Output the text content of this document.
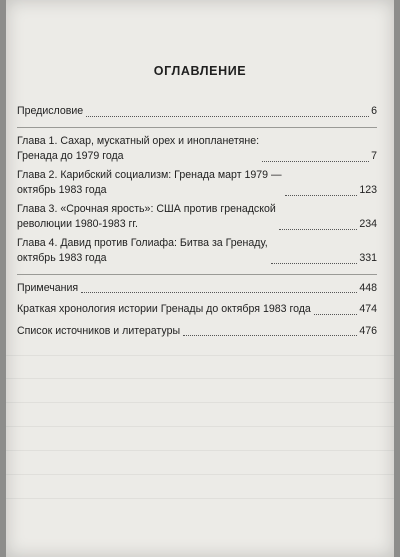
ОГЛАВЛЕНИЕ
Предисловие	6
Глава 1. Сахар, мускатный орех и инопланетяне:
Гренада до 1979 года	7
Глава 2. Карибский социализм: Гренада март 1979 —
октябрь 1983 года	123
Глава 3. «Срочная ярость»: США против гренадской
революции 1980-1983 гг.	234
Глава 4. Давид против Голиафа: Битва за Гренаду,
октябрь 1983 года	331
Примечания	448
Краткая хронология истории Гренады до октября 1983 года	474
Список источников и литературы	476
